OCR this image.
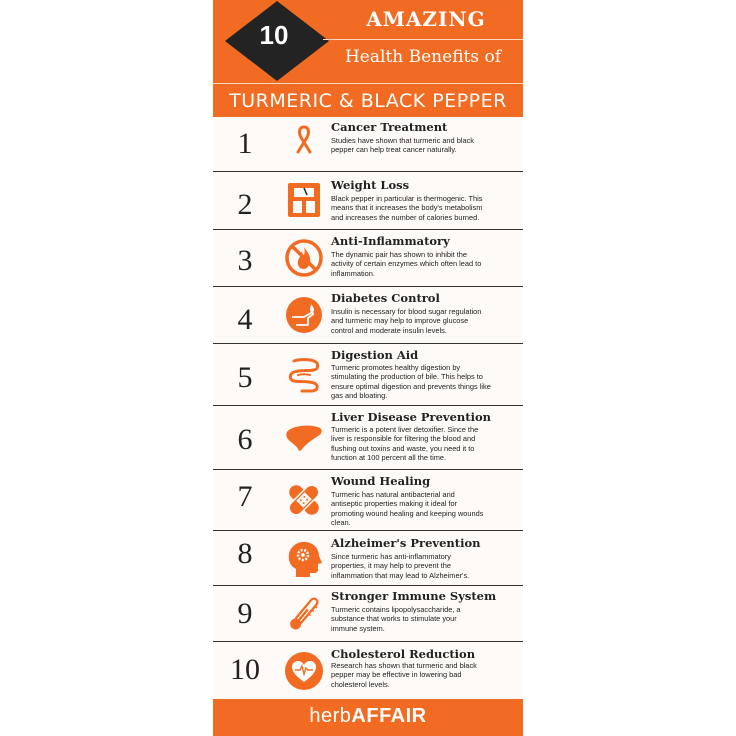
10
AMAZING
Health Benefits of
TURMERIC & BLACK PEPPER
1	Cancer Treatment
Studies have shown that turmeric and black
pepper can help treat cancer naturally.
2
Weight Loss
Black pepper in particular is thermogenic. This
means that it increases the body's metabolism
and increases the number of calories burned.
3
Anti-Inflammatory
The dynamic pair has shown to inhibit the
activity of certain enzymes which often lead to
inflammation.
4
Diabetes Control
Insulin is necessary for blood sugar regulation
and turmeric may help to improve glucose
control and moderate insulin levels.
5
Digestion Aid
Turmeric promotes healthy digestion by
stimulating the production of bile. This helps to
ensure optimal digestion and prevents things like
gas and bloating.
6
Liver Disease Prevention
Turmeric is a potent liver detoxifier. Since the
liver is responsible for filtering the blood and
flushing out toxins and waste, you need it to
function at 100 percent all the time.
7	Wound Healing
Turmeric has natural antibacterial and
antiseptic properties making it ideal for
promoting wound healing and keeping wounds
clean.
8	Alzheimer's Prevention
Since turmeric has anti-inflammatory
properties, it may help to prevent the
inflammation that may lead to Alzheimer's.
9
Stronger Immune System
Turmeric contains lipopolysaccharide, a
substance that works to stimulate your
immune system.
10	Cholesterol Reduction
Research has shown that turmeric and black
pepper may be effective in lowering bad
cholesterol levels.
herbAFFAIR
